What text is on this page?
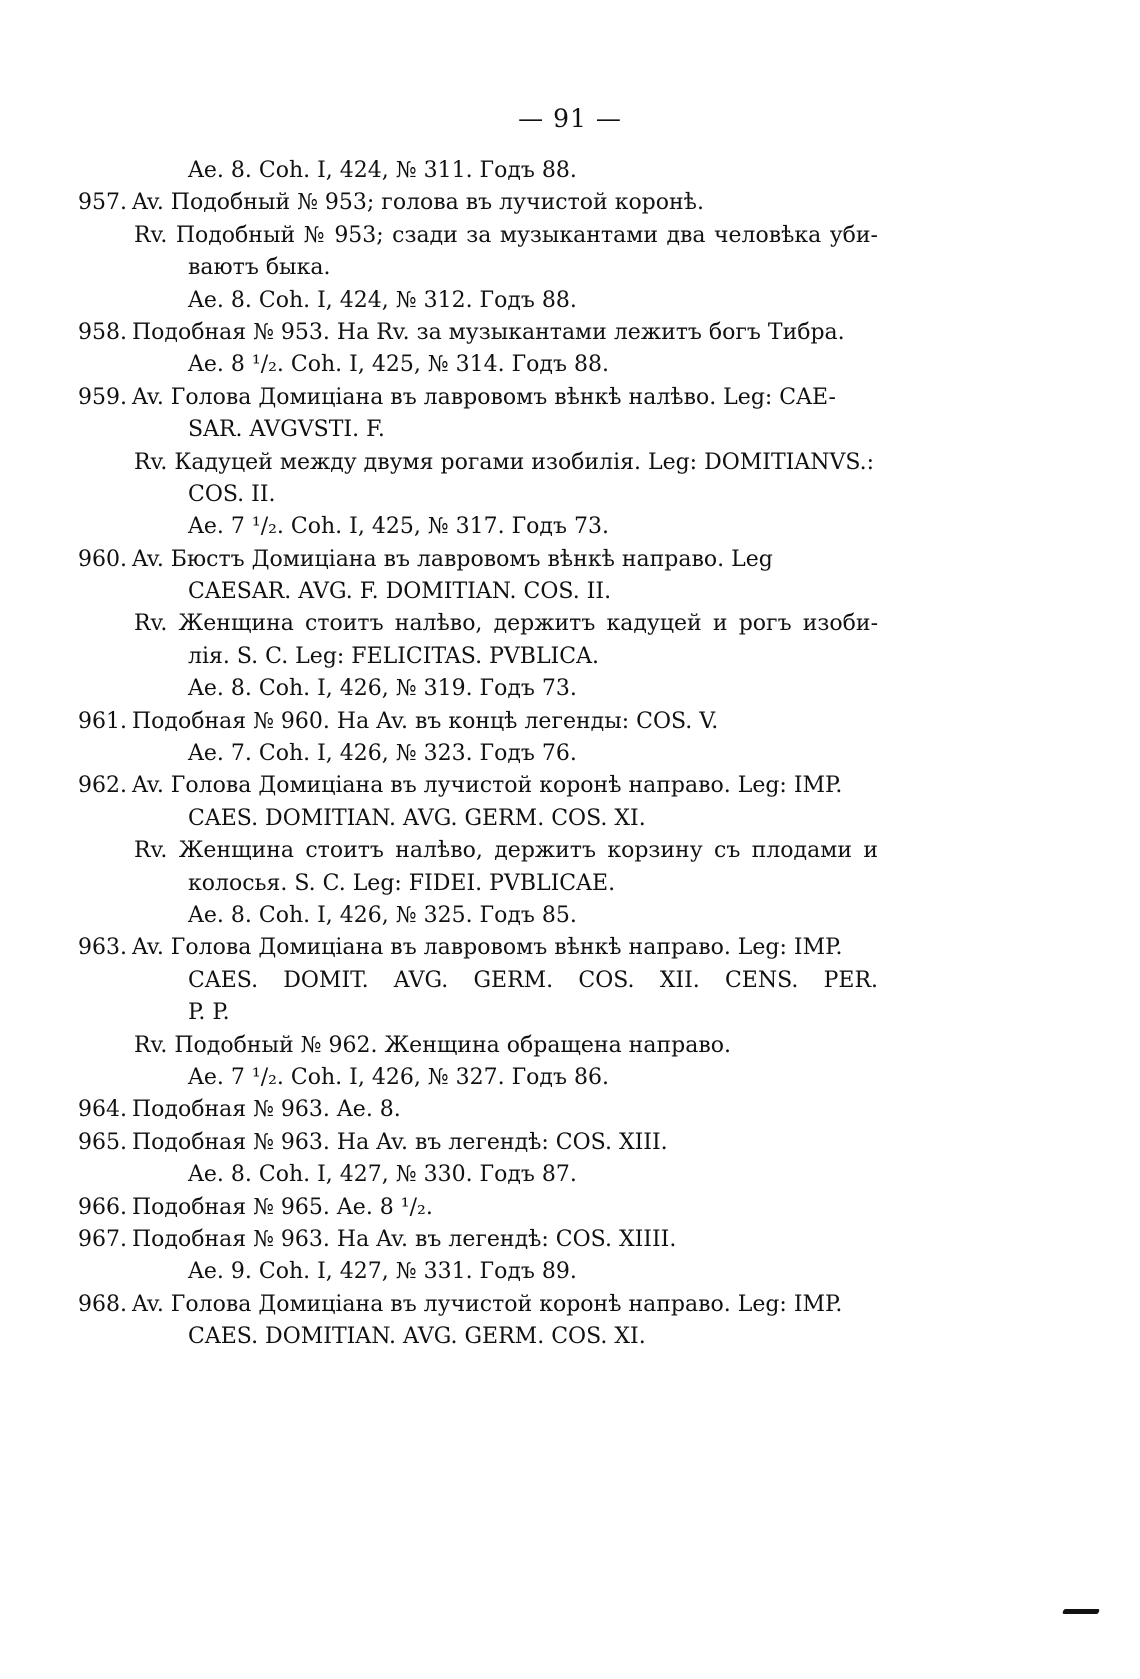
— 91 —
Ae. 8. Coh. I, 424, № 311. Годъ 88.
957. Av. Подобный № 953; голова въ лучистой коронѣ.
Rv. Подобный № 953; сзади за музыкантами два человѣка уби-
ваютъ быка.
Ae. 8. Coh. I, 424, № 312. Годъ 88.
958. Подобная № 953. На Rv. за музыкантами лежитъ богъ Тибра.
Ae. 8 ¹/₂. Coh. I, 425, № 314. Годъ 88.
959. Av. Голова Домиціана въ лавровомъ вѣнкѣ налѣво. Leg: CAE-
SAR. AVGVSTI. F.
Rv. Кадуцей между двумя рогами изобилія. Leg: DOMITIANVS.:
COS. II.
Ae. 7 ¹/₂. Coh. I, 425, № 317. Годъ 73.
960. Av. Бюстъ Домиціана въ лавровомъ вѣнкѣ направо. Leg
CAESAR. AVG. F. DOMITIAN. COS. II.
Rv. Женщина стоитъ налѣво, держитъ кадуцей и рогъ изоби-
лія. S. C. Leg: FELICITAS. PVBLICA.
Ae. 8. Coh. I, 426, № 319. Годъ 73.
961. Подобная № 960. На Av. въ концѣ легенды: COS. V.
Ae. 7. Coh. I, 426, № 323. Годъ 76.
962. Av. Голова Домиціана въ лучистой коронѣ направо. Leg: IMP.
CAES. DOMITIAN. AVG. GERM. COS. XI.
Rv. Женщина стоитъ налѣво, держитъ корзину съ плодами и
колосья. S. C. Leg: FIDEI. PVBLICAE.
Ae. 8. Coh. I, 426, № 325. Годъ 85.
963. Av. Голова Домиціана въ лавровомъ вѣнкѣ направо. Leg: IMP.
CAES. DOMIT. AVG. GERM. COS. XII. CENS. PER.
P. P.
Rv. Подобный № 962. Женщина обращена направо.
Ae. 7 ¹/₂. Coh. I, 426, № 327. Годъ 86.
964. Подобная № 963. Ae. 8.
965. Подобная № 963. На Av. въ легендѣ: COS. XIII.
Ae. 8. Coh. I, 427, № 330. Годъ 87.
966. Подобная № 965. Ae. 8 ¹/₂.
967. Подобная № 963. На Av. въ легендѣ: COS. XIIII.
Ae. 9. Coh. I, 427, № 331. Годъ 89.
968. Av. Голова Домиціана въ лучистой коронѣ направо. Leg: IMP.
CAES. DOMITIAN. AVG. GERM. COS. XI.
